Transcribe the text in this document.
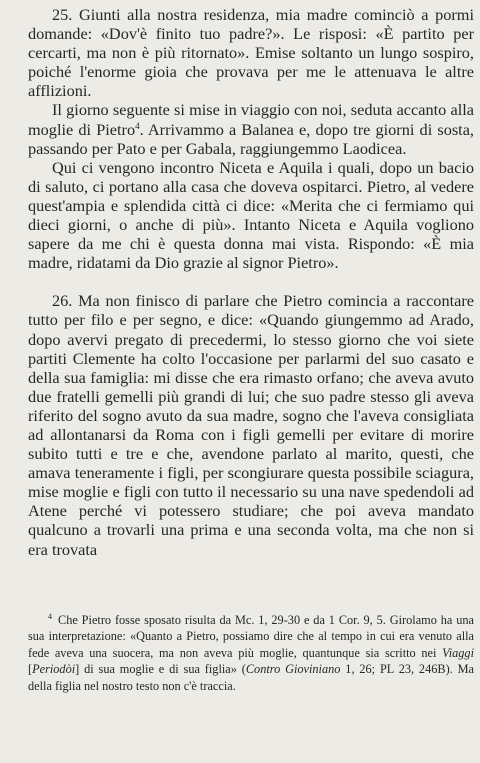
25. Giunti alla nostra residenza, mia madre cominciò a pormi domande: «Dov'è finito tuo padre?». Le risposi: «È partito per cercarti, ma non è più ritornato». Emise soltanto un lungo sospiro, poiché l'enorme gioia che provava per me le attenuava le altre afflizioni.

Il giorno seguente si mise in viaggio con noi, seduta accanto alla moglie di Pietro$^4$. Arrivammo a Balanea e, dopo tre giorni di sosta, passando per Pato e per Gabala, raggiungemmo Laodicea.

Qui ci vengono incontro Niceta e Aquila i quali, dopo un bacio di saluto, ci portano alla casa che doveva ospitarci. Pietro, al vedere quest'ampia e splendida città ci dice: «Merita che ci fermiamo qui dieci giorni, o anche di più». Intanto Niceta e Aquila vogliono sapere da me chi è questa donna mai vista. Rispondo: «È mia madre, ridatami da Dio grazie al signor Pietro».

26. Ma non finisco di parlare che Pietro comincia a raccontare tutto per filo e per segno, e dice: «Quando giungemmo ad Arado, dopo avervi pregato di precedermi, lo stesso giorno che voi siete partiti Clemente ha colto l'occasione per parlarmi del suo casato e della sua famiglia: mi disse che era rimasto orfano; che aveva avuto due fratelli gemelli più grandi di lui; che suo padre stesso gli aveva riferito del sogno avuto da sua madre, sogno che l'aveva consigliata ad allontanarsi da Roma con i figli gemelli per evitare di morire subito tutti e tre e che, avendone parlato al marito, questi, che amava teneramente i figli, per scongiurare questa possibile sciagura, mise moglie e figli con tutto il necessario su una nave spedendoli ad Atene perché vi potessero studiare; che poi aveva mandato qualcuno a trovarli una prima e una seconda volta, ma che non si era trovata

$^4$ Che Pietro fosse sposato risulta da Mc. 1, 29-30 e da 1 Cor. 9, 5. Girolamo ha una sua interpretazione: «Quanto a Pietro, possiamo dire che al tempo in cui era venuto alla fede aveva una suocera, ma non aveva più moglie, quantunque sia scritto nei Viaggi [Periodòi] di sua moglie e di sua figlia» (Contro Gioviniano 1, 26; PL 23, 246B). Ma della figlia nel nostro testo non c'è traccia.
